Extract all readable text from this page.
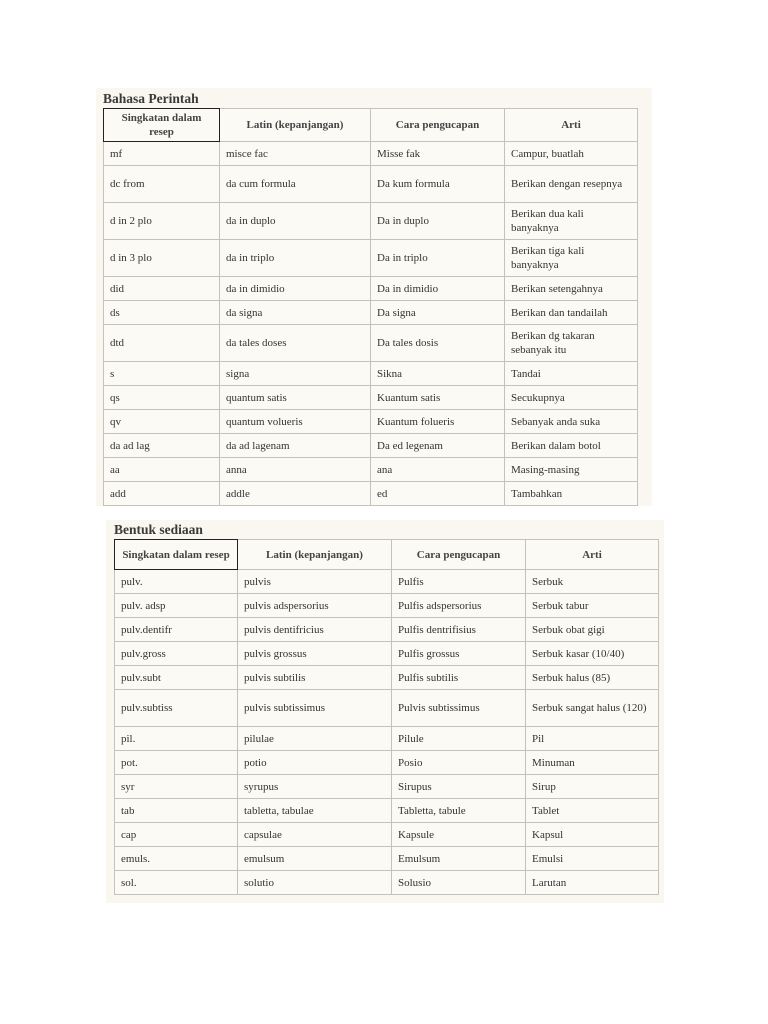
Bahasa Perintah
Singkatan dalam resep	Latin (kepanjangan)	Cara pengucapan	Arti
mf	misce fac	Misse fak	Campur, buatlah
dc from	da cum formula	Da kum formula	Berikan dengan resepnya
d in 2 plo	da in duplo	Da in duplo	Berikan dua kali banyaknya
d in 3 plo	da in triplo	Da in triplo	Berikan tiga kali banyaknya
did	da in dimidio	Da in dimidio	Berikan setengahnya
ds	da signa	Da signa	Berikan dan tandailah
dtd	da tales doses	Da tales dosis	Berikan dg takaran sebanyak itu
s	signa	Sikna	Tandai
qs	quantum satis	Kuantum satis	Secukupnya
qv	quantum volueris	Kuantum folueris	Sebanyak anda suka
da ad lag	da ad lagenam	Da ed legenam	Berikan dalam botol
aa	anna	ana	Masing-masing
add	addle	ed	Tambahkan
Bentuk sediaan
Singkatan dalam resep	Latin (kepanjangan)	Cara pengucapan	Arti
pulv.	pulvis	Pulfis	Serbuk
pulv. adsp	pulvis adspersorius	Pulfis adspersorius	Serbuk tabur
pulv.dentifr	pulvis dentifricius	Pulfis dentrifisius	Serbuk obat gigi
pulv.gross	pulvis grossus	Pulfis grossus	Serbuk kasar (10/40)
pulv.subt	pulvis subtilis	Pulfis subtilis	Serbuk halus (85)
pulv.subtiss	pulvis subtissimus	Pulvis subtissimus	Serbuk sangat halus (120)
pil.	pilulae	Pilule	Pil
pot.	potio	Posio	Minuman
syr	syrupus	Sirupus	Sirup
tab	tabletta, tabulae	Tabletta, tabule	Tablet
cap	capsulae	Kapsule	Kapsul
emuls.	emulsum	Emulsum	Emulsi
sol.	solutio	Solusio	Larutan
